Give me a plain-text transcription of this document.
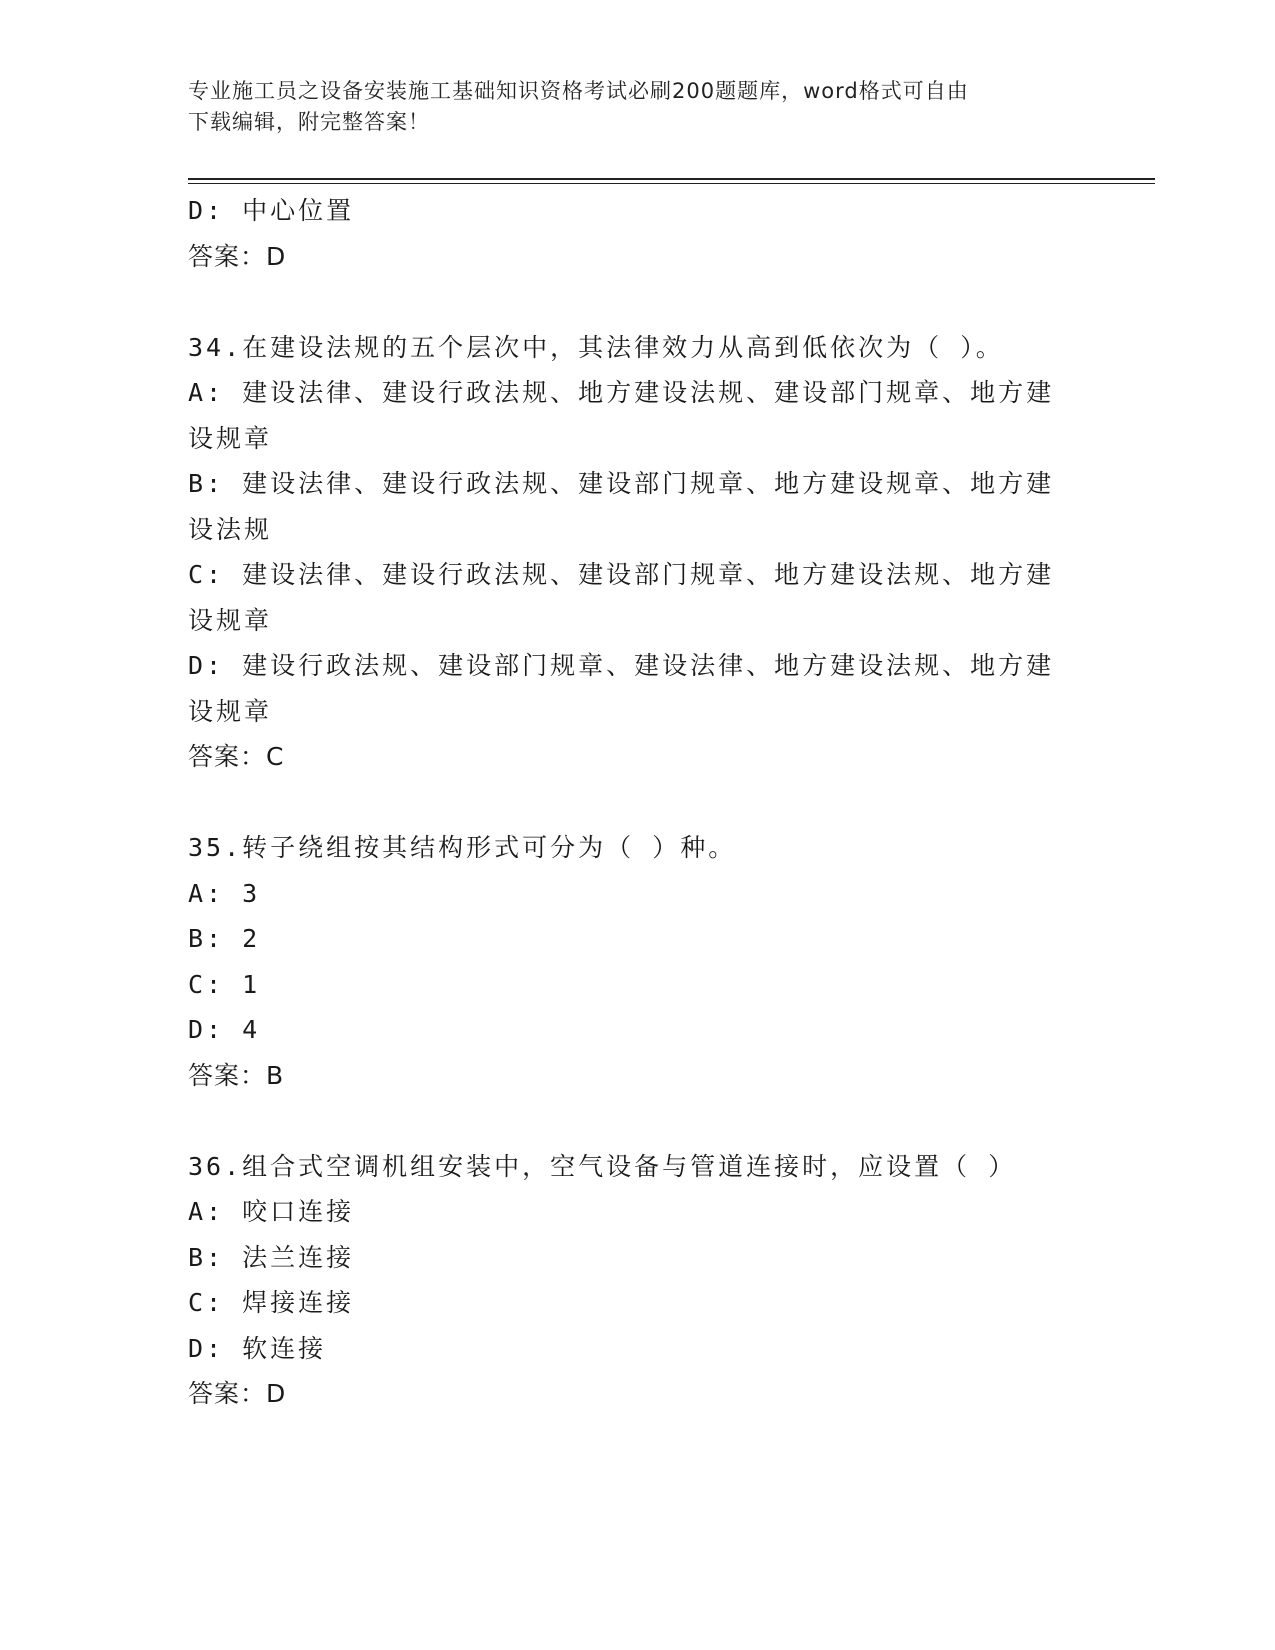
专业施工员之设备安装施工基础知识资格考试必刷200题题库，word格式可自由
下载编辑，附完整答案！
D: 中心位置
答案：D
34.在建设法规的五个层次中，其法律效力从高到低依次为（ ）。
A: 建设法律、建设行政法规、地方建设法规、建设部门规章、地方建设规章
B: 建设法律、建设行政法规、建设部门规章、地方建设规章、地方建设法规
C: 建设法律、建设行政法规、建设部门规章、地方建设法规、地方建设规章
D: 建设行政法规、建设部门规章、建设法律、地方建设法规、地方建设规章
答案：C
35.转子绕组按其结构形式可分为（ ）种。
A: 3
B: 2
C: 1
D: 4
答案：B
36.组合式空调机组安装中，空气设备与管道连接时，应设置（ ）
A: 咬口连接
B: 法兰连接
C: 焊接连接
D: 软连接
答案：D
